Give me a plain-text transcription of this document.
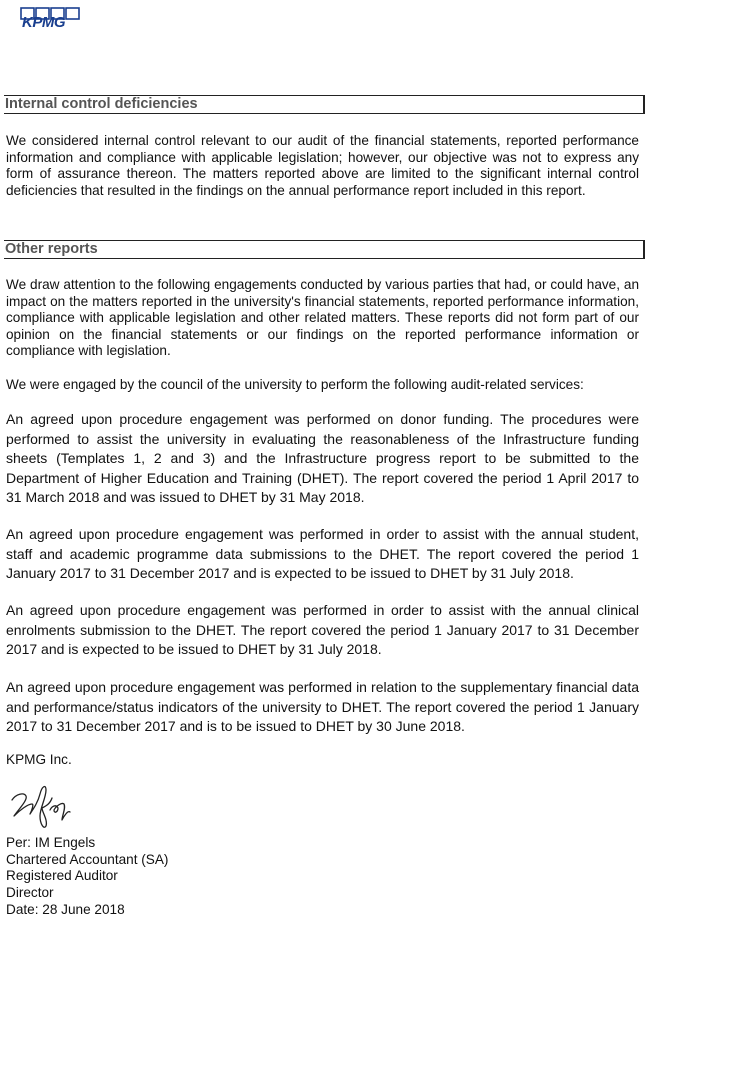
KPMG
Internal control deficiencies
We considered internal control relevant to our audit of the financial statements, reported performance information and compliance with applicable legislation; however, our objective was not to express any form of assurance thereon. The matters reported above are limited to the significant internal control deficiencies that resulted in the findings on the annual performance report included in this report.
Other reports
We draw attention to the following engagements conducted by various parties that had, or could have, an impact on the matters reported in the university's financial statements, reported performance information, compliance with applicable legislation and other related matters. These reports did not form part of our opinion on the financial statements or our findings on the reported performance information or compliance with legislation.
We were engaged by the council of the university to perform the following audit-related services:
An agreed upon procedure engagement was performed on donor funding. The procedures were performed to assist the university in evaluating the reasonableness of the Infrastructure funding sheets (Templates 1, 2 and 3) and the Infrastructure progress report to be submitted to the Department of Higher Education and Training (DHET). The report covered the period 1 April 2017 to 31 March 2018 and was issued to DHET by 31 May 2018.
An agreed upon procedure engagement was performed in order to assist with the annual student, staff and academic programme data submissions to the DHET. The report covered the period 1 January 2017 to 31 December 2017 and is expected to be issued to DHET by 31 July 2018.
An agreed upon procedure engagement was performed in order to assist with the annual clinical enrolments submission to the DHET. The report covered the period 1 January 2017 to 31 December 2017 and is expected to be issued to DHET by 31 July 2018.
An agreed upon procedure engagement was performed in relation to the supplementary financial data and performance/status indicators of the university to DHET. The report covered the period 1 January 2017 to 31 December 2017 and is to be issued to DHET by 30 June 2018.
KPMG Inc.
Per: IM Engels
Chartered Accountant (SA)
Registered Auditor
Director
Date: 28 June 2018
